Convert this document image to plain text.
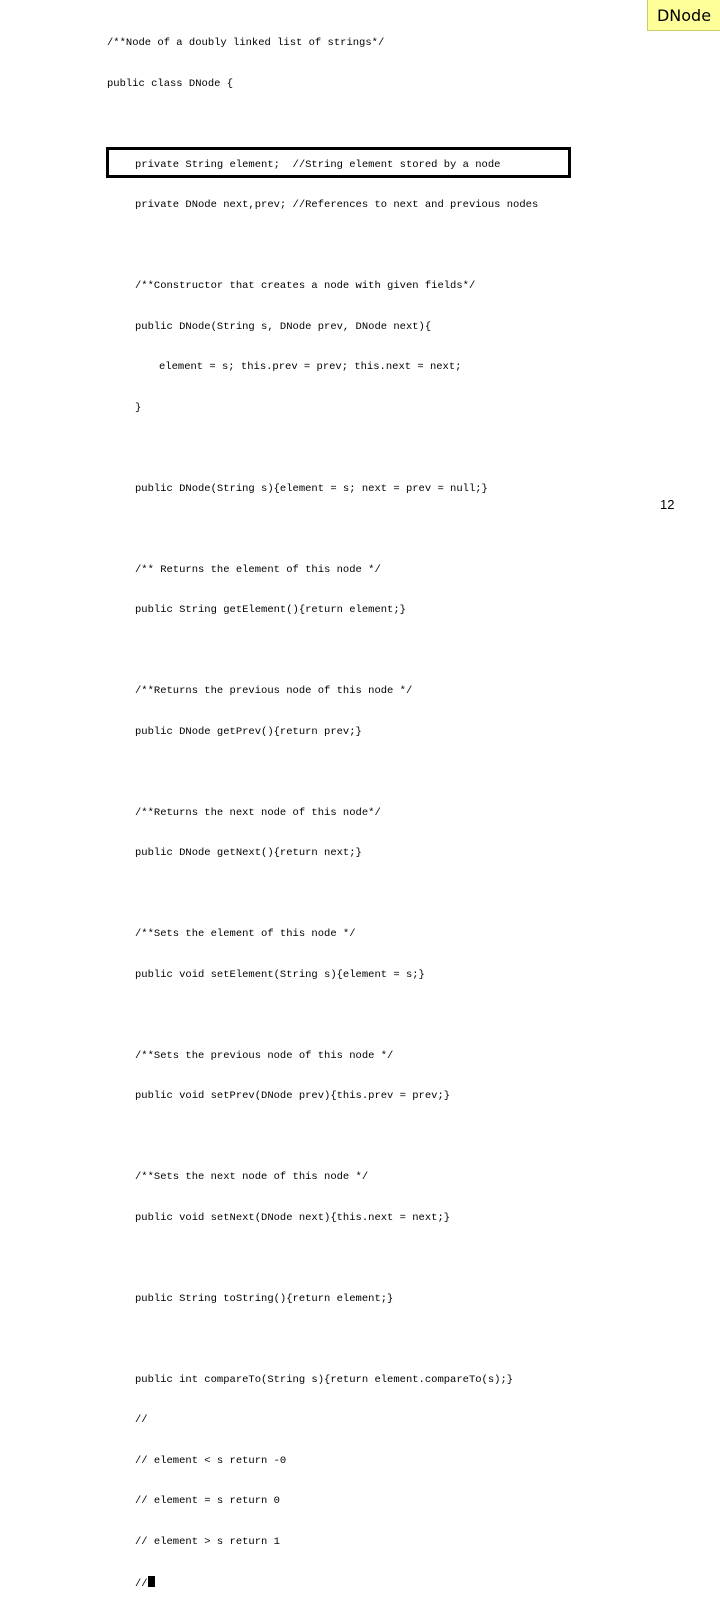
DNode

/**Node of a doubly linked list of strings*/

public class DNode {

private String element;  //String element stored by a node

private DNode next,prev; //References to next and previous nodes

/**Constructor that creates a node with given fields*/

public DNode(String s, DNode prev, DNode next){

element = s; this.prev = prev; this.next = next;

}

public DNode(String s){element = s; next = prev = null;}

/** Returns the element of this node */

public String getElement(){return element;}

/**Returns the previous node of this node */

public DNode getPrev(){return prev;}

/**Returns the next node of this node*/

public DNode getNext(){return next;}

/**Sets the element of this node */

public void setElement(String s){element = s;}

/**Sets the previous node of this node */

public void setPrev(DNode prev){this.prev = prev;}

/**Sets the next node of this node */

public void setNext(DNode next){this.next = next;}

public String toString(){return element;}

public int compareTo(String s){return element.compareTo(s);}

//

// element < s return -0

// element = s return 0

// element > s return 1

//

12
